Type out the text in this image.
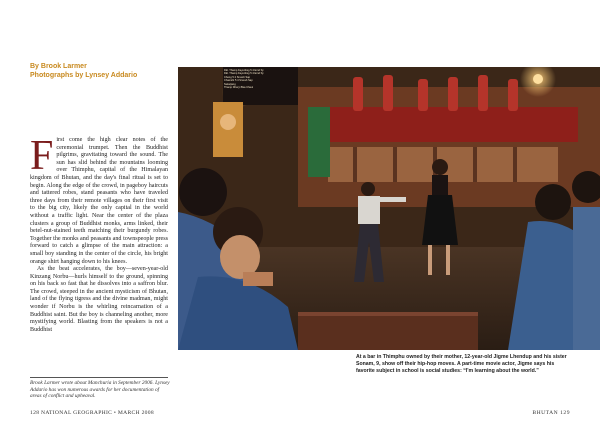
By Brook Larmer
Photographs by Lynsey Addario

First come the high clear notes of the ceremonial trumpet. Then the Buddhist pilgrims, gravitating toward the sound. The sun has slid behind the mountains looming over Thimphu, capital of the Himalayan kingdom of Bhutan, and the day's final ritual is set to begin. Along the edge of the crowd, in pageboy haircuts and tattered robes, stand peasants who have traveled three days from their remote villages on their first visit to the big city, likely the only capital in the world without a traffic light. Near the center of the plaza clusters a group of Buddhist monks, arms linked, their betel-nut-stained teeth matching their burgundy robes. Together the monks and peasants and townspeople press forward to catch a glimpse of the main attraction: a small boy standing in the center of the circle, his bright orange shirt hanging down to his knees.

As the beat accelerates, the boy—seven-year-old Kinzang Norbu—hurls himself to the ground, spinning on his back so fast that he dissolves into a saffron blur. The crowd, steeped in the ancient mysticism of Bhutan, land of the flying tigress and the divine madman, might wonder if Norbu is the whirling reincarnation of a Buddhist saint. But the boy is channeling another, more mystifying world. Blasting from the speakers is not a Buddhist

Brook Larmer wrote about Manchuria in September 2006. Lynsey Addario has won numerous awards for her documentation of areas of conflict and upheaval.
128 NATIONAL GEOGRAPHIC • MARCH 2008	BHUTAN 129
Dkt. Thamp Fayenbsg 5 4 Emd Sy
Dkt. Thamp Fayenbsg 5 4 Emd Sy
Cheng 5 4 Srvesh Sap
Chamshi 5 4 Srvesh Sap
Sukarjang
Thamp Dheryi Bsa Chaui
At a bar in Thimphu owned by their mother, 12-year-old Jigme Lhendup and his sister Sonam, 9, show off their hip-hop moves. A part-time movie actor, Jigme says his favorite subject in school is social studies: “I'm learning about the world.”
